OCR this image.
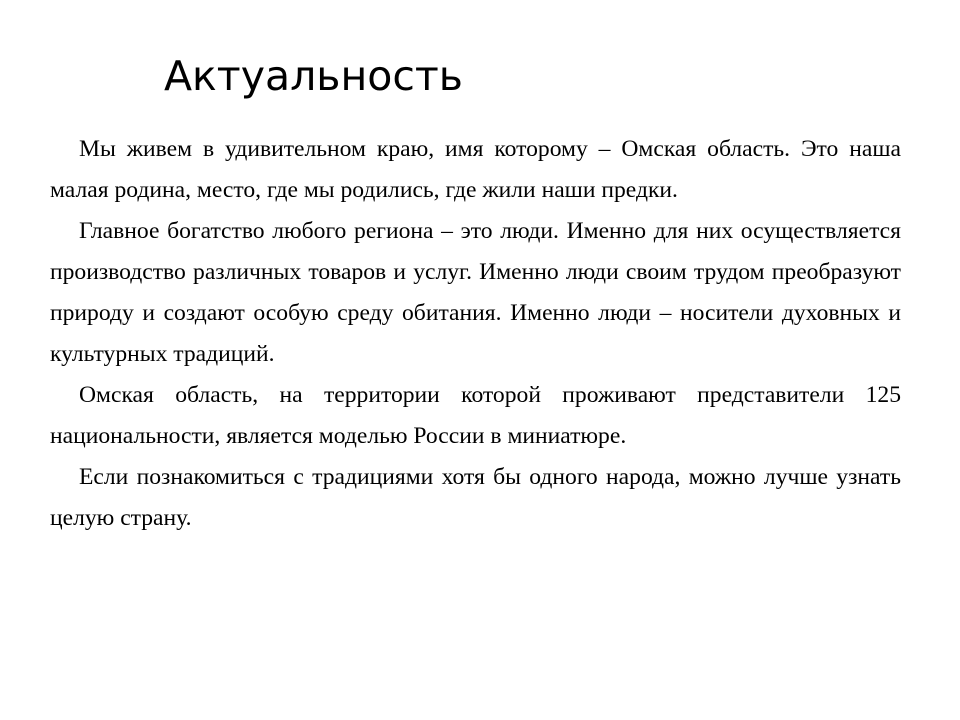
Актуальность

Мы живем в удивительном краю, имя которому – Омская область. Это наша малая родина, место, где мы родились, где жили наши предки.

Главное богатство любого региона – это люди. Именно для них осуществляется производство различных товаров и услуг. Именно люди своим трудом преобразуют природу и создают особую среду обитания. Именно люди – носители духовных и культурных традиций.

Омская область, на территории которой проживают представители 125 национальности, является моделью России в миниатюре.

Если познакомиться с традициями хотя бы одного народа, можно лучше узнать целую страну.
